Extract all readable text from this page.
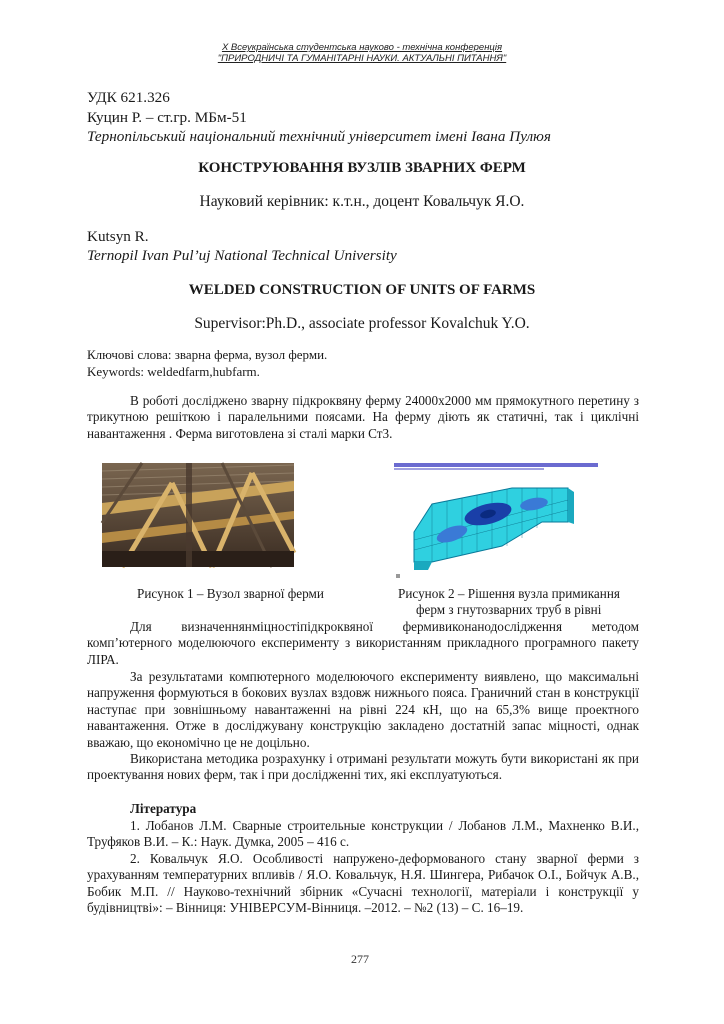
X Всеукраїнська студентська науково - технічна конференція
"ПРИРОДНИЧІ ТА ГУМАНІТАРНІ НАУКИ. АКТУАЛЬНІ ПИТАННЯ"
УДК 621.326
Куцин Р. – ст.гр. МБм-51
Тернопільський національний технічний університет імені Івана Пулюя
КОНСТРУЮВАННЯ ВУЗЛІВ ЗВАРНИХ ФЕРМ
Науковий керівник: к.т.н., доцент Ковальчук Я.О.
Kutsyn R.
Ternopil Ivan Pul’uj National Technical University
WELDED CONSTRUCTION OF UNITS OF FARMS
Supervisor:Ph.D., associate professor Kovalchuk Y.O.
Ключові слова: зварна ферма, вузол ферми.
Keywords: weldedfarm,hubfarm.
В роботі досліджено зварну підкроквяну ферму 24000х2000 мм прямокутного перетину з трикутною решіткою і паралельними поясами. На ферму діють як статичні, так і циклічні навантаження . Ферма виготовлена зі сталі марки Ст3.
Рисунок 1 – Вузол зварної ферми	Рисунок 2 – Рішення вузла примикання
ферм з гнутозварних труб в рівні
Для визначеннянміцностіпідкроквяної фермивиконанодослідження методом комп’ютерного моделюючого експерименту з використанням прикладного програмного пакету ЛІРА.
За результатами компютерного моделюючого експерименту виявлено, що максимальні напруження формуються в бокових вузлах вздовж нижнього пояса. Граничний стан в конструкції наступає при зовнішньому навантаженні на рівні 224 кН, що на 65,3% вище проектного навантаження. Отже в досліджувану конструкцію закладено достатній запас міцності, однак вважаю, що економічно це не доцільно.
Використана методика розрахунку і отримані результати можуть бути використані як при проектування нових ферм, так і при дослідженні тих, які експлуатуються.
Література
1. Лобанов Л.М. Сварные строительные конструкции / Лобанов Л.М., Махненко В.И., Труфяков В.И. – К.: Наук. Думка, 2005 – 416 с.
2. Ковальчук Я.О. Особливості напружено-деформованого стану зварної ферми з урахуванням температурних впливів / Я.О. Ковальчук, Н.Я. Шингера, Рибачок О.І., Бойчук А.В., Бобик М.П. // Науково-технічний збірник «Сучасні технології, матеріали і конструкції у будівництві»: – Вінниця: УНІВЕРСУМ-Вінниця. –2012. – №2 (13) – С. 16–19.
277
